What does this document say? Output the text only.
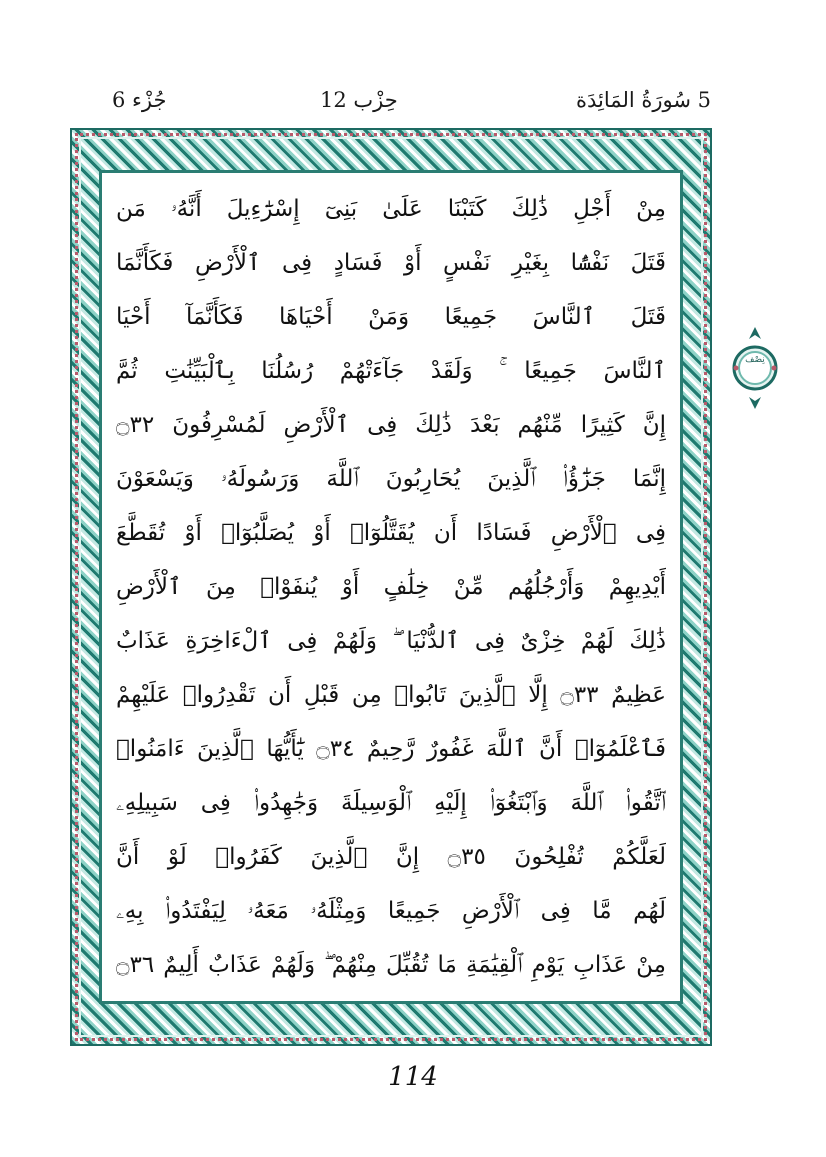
5 سُورَةُ المَائِدَة
حِزْب 12
جُزْء 6
مِنْ أَجْلِ ذَٰلِكَ كَتَبْنَا عَلَىٰ بَنِىٓ إِسْرَٰٓءِيلَ أَنَّهُۥ مَن
قَتَلَ نَفْسًۢا بِغَيْرِ نَفْسٍ أَوْ فَسَادٍ فِى ٱلْأَرْضِ فَكَأَنَّمَا
قَتَلَ ٱلنَّاسَ جَمِيعًا وَمَنْ أَحْيَاهَا فَكَأَنَّمَآ أَحْيَا
ٱلنَّاسَ جَمِيعًا ۚ وَلَقَدْ جَآءَتْهُمْ رُسُلُنَا بِٱلْبَيِّنَٰتِ ثُمَّ
إِنَّ كَثِيرًا مِّنْهُم بَعْدَ ذَٰلِكَ فِى ٱلْأَرْضِ لَمُسْرِفُونَ ۝٣٢
إِنَّمَا جَزَٰٓؤُا۟ ٱلَّذِينَ يُحَارِبُونَ ٱللَّهَ وَرَسُولَهُۥ وَيَسْعَوْنَ
فِى ٱلْأَرْضِ فَسَادًا أَن يُقَتَّلُوٓا۟ أَوْ يُصَلَّبُوٓا۟ أَوْ تُقَطَّعَ
أَيْدِيهِمْ وَأَرْجُلُهُم مِّنْ خِلَٰفٍ أَوْ يُنفَوْا۟ مِنَ ٱلْأَرْضِ
ذَٰلِكَ لَهُمْ خِزْىٌ فِى ٱلدُّنْيَا ۖ وَلَهُمْ فِى ٱلْءَاخِرَةِ عَذَابٌ
عَظِيمٌ ۝٣٣ إِلَّا ٱلَّذِينَ تَابُوا۟ مِن قَبْلِ أَن تَقْدِرُوا۟ عَلَيْهِمْ
فَٱعْلَمُوٓا۟ أَنَّ ٱللَّهَ غَفُورٌ رَّحِيمٌ ۝٣٤ يَٰٓأَيُّهَا ٱلَّذِينَ ءَامَنُوا۟
ٱتَّقُوا۟ ٱللَّهَ وَٱبْتَغُوٓا۟ إِلَيْهِ ٱلْوَسِيلَةَ وَجَٰهِدُوا۟ فِى سَبِيلِهِۦ
لَعَلَّكُمْ تُفْلِحُونَ ۝٣٥ إِنَّ ٱلَّذِينَ كَفَرُوا۟ لَوْ أَنَّ
لَهُم مَّا فِى ٱلْأَرْضِ جَمِيعًا وَمِثْلَهُۥ مَعَهُۥ لِيَفْتَدُوا۟ بِهِۦ
مِنْ عَذَابِ يَوْمِ ٱلْقِيَٰمَةِ مَا تُقُبِّلَ مِنْهُمْ ۖ وَلَهُمْ عَذَابٌ أَلِيمٌ ۝٣٦
نِصْف
114
